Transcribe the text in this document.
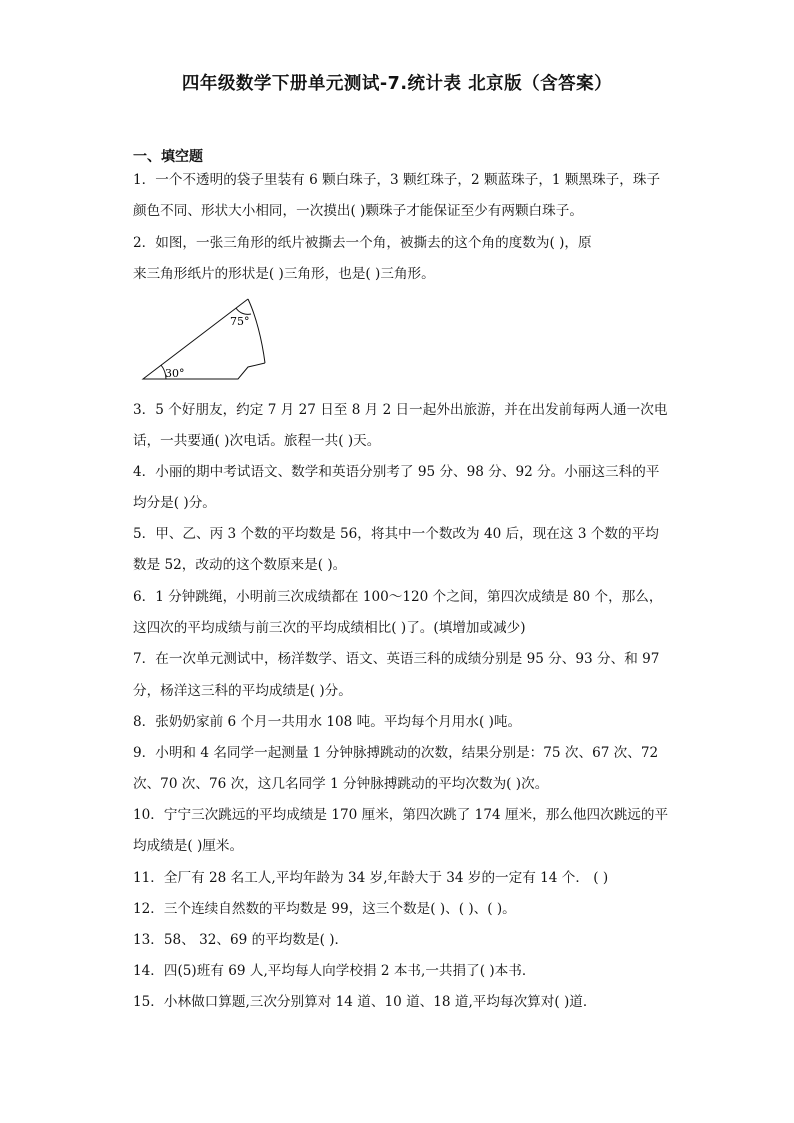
四年级数学下册单元测试-7.统计表 北京版（含答案）
一、填空题
1．一个不透明的袋子里装有 6 颗白珠子，3 颗红珠子，2 颗蓝珠子，1 颗黑珠子，珠子
颜色不同、形状大小相同，一次摸出( )颗珠子才能保证至少有两颗白珠子。
2．如图，一张三角形的纸片被撕去一个角，被撕去的这个角的度数为( )，原
来三角形纸片的形状是( )三角形，也是( )三角形。
75°
30°
3．5 个好朋友，约定 7 月 27 日至 8 月 2 日一起外出旅游，并在出发前每两人通一次电
话，一共要通( )次电话。旅程一共( )天。
4．小丽的期中考试语文、数学和英语分别考了 95 分、98 分、92 分。小丽这三科的平
均分是( )分。
5．甲、乙、丙 3 个数的平均数是 56，将其中一个数改为 40 后，现在这 3 个数的平均
数是 52，改动的这个数原来是( )。
6．1 分钟跳绳，小明前三次成绩都在 100～120 个之间，第四次成绩是 80 个，那么，
这四次的平均成绩与前三次的平均成绩相比( )了。(填增加或减少)
7．在一次单元测试中，杨洋数学、语文、英语三科的成绩分别是 95 分、93 分、和 97
分，杨洋这三科的平均成绩是( )分。
8．张奶奶家前 6 个月一共用水 108 吨。平均每个月用水( )吨。
9．小明和 4 名同学一起测量 1 分钟脉搏跳动的次数，结果分别是：75 次、67 次、72
次、70 次、76 次，这几名同学 1 分钟脉搏跳动的平均次数为( )次。
10．宁宁三次跳远的平均成绩是 170 厘米，第四次跳了 174 厘米，那么他四次跳远的平
均成绩是( )厘米。
11．全厂有 28 名工人,平均年龄为 34 岁,年龄大于 34 岁的一定有 14 个． ( )
12．三个连续自然数的平均数是 99，这三个数是( )、( )、( )。
13．58、 32、69 的平均数是( )．
14．四(5)班有 69 人,平均每人向学校捐 2 本书,一共捐了( )本书．
15．小林做口算题,三次分别算对 14 道、10 道、18 道,平均每次算对( )道．
